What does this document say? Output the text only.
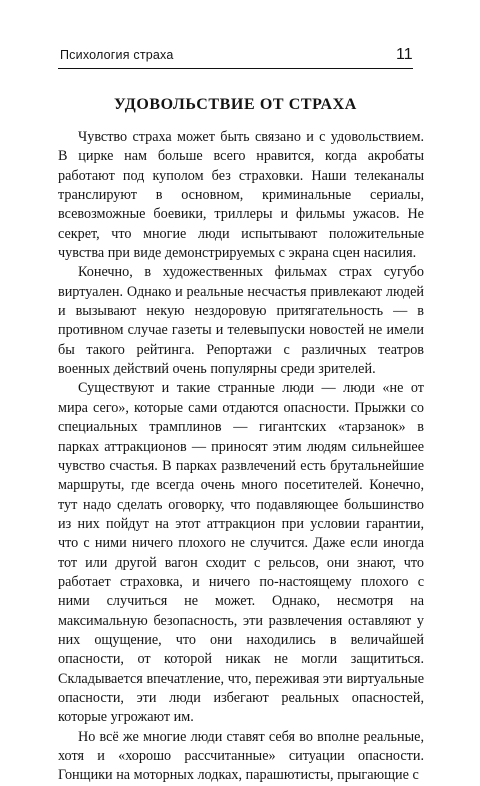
Психология страха	11
УДОВОЛЬСТВИЕ ОТ СТРАХА

Чувство страха может быть связано и с удовольствием. В цирке нам больше всего нравится, когда акробаты работают под куполом без страховки. Наши телеканалы транслируют в основном, криминальные сериалы, всевозможные боевики, триллеры и фильмы ужасов. Не секрет, что многие люди испытывают положительные чувства при виде демонстрируемых с экрана сцен насилия.

Конечно, в художественных фильмах страх сугубо виртуален. Однако и реальные несчастья привлекают людей и вызывают некую нездоровую притягательность — в противном случае газеты и телевыпуски новостей не имели бы такого рейтинга. Репортажи с различных театров военных действий очень популярны среди зрителей.

Существуют и такие странные люди — люди «не от мира сего», которые сами отдаются опасности. Прыжки со специальных трамплинов — гигантских «тарзанок» в парках аттракционов — приносят этим людям сильнейшее чувство счастья. В парках развлечений есть брутальнейшие маршруты, где всегда очень много посетителей. Конечно, тут надо сделать оговорку, что подавляющее большинство из них пойдут на этот аттракцион при условии гарантии, что с ними ничего плохого не случится. Даже если иногда тот или другой вагон сходит с рельсов, они знают, что работает страховка, и ничего по-настоящему плохого с ними случиться не может. Однако, несмотря на максимальную безопасность, эти развлечения оставляют у них ощущение, что они находились в величайшей опасности, от которой никак не могли защититься. Складывается впечатление, что, переживая эти виртуальные опасности, эти люди избегают реальных опасностей, которые угрожают им.

Но всё же многие люди ставят себя во вполне реальные, хотя и «хорошо рассчитанные» ситуации опасности. Гонщики на моторных лодках, парашютисты, прыгающие с
